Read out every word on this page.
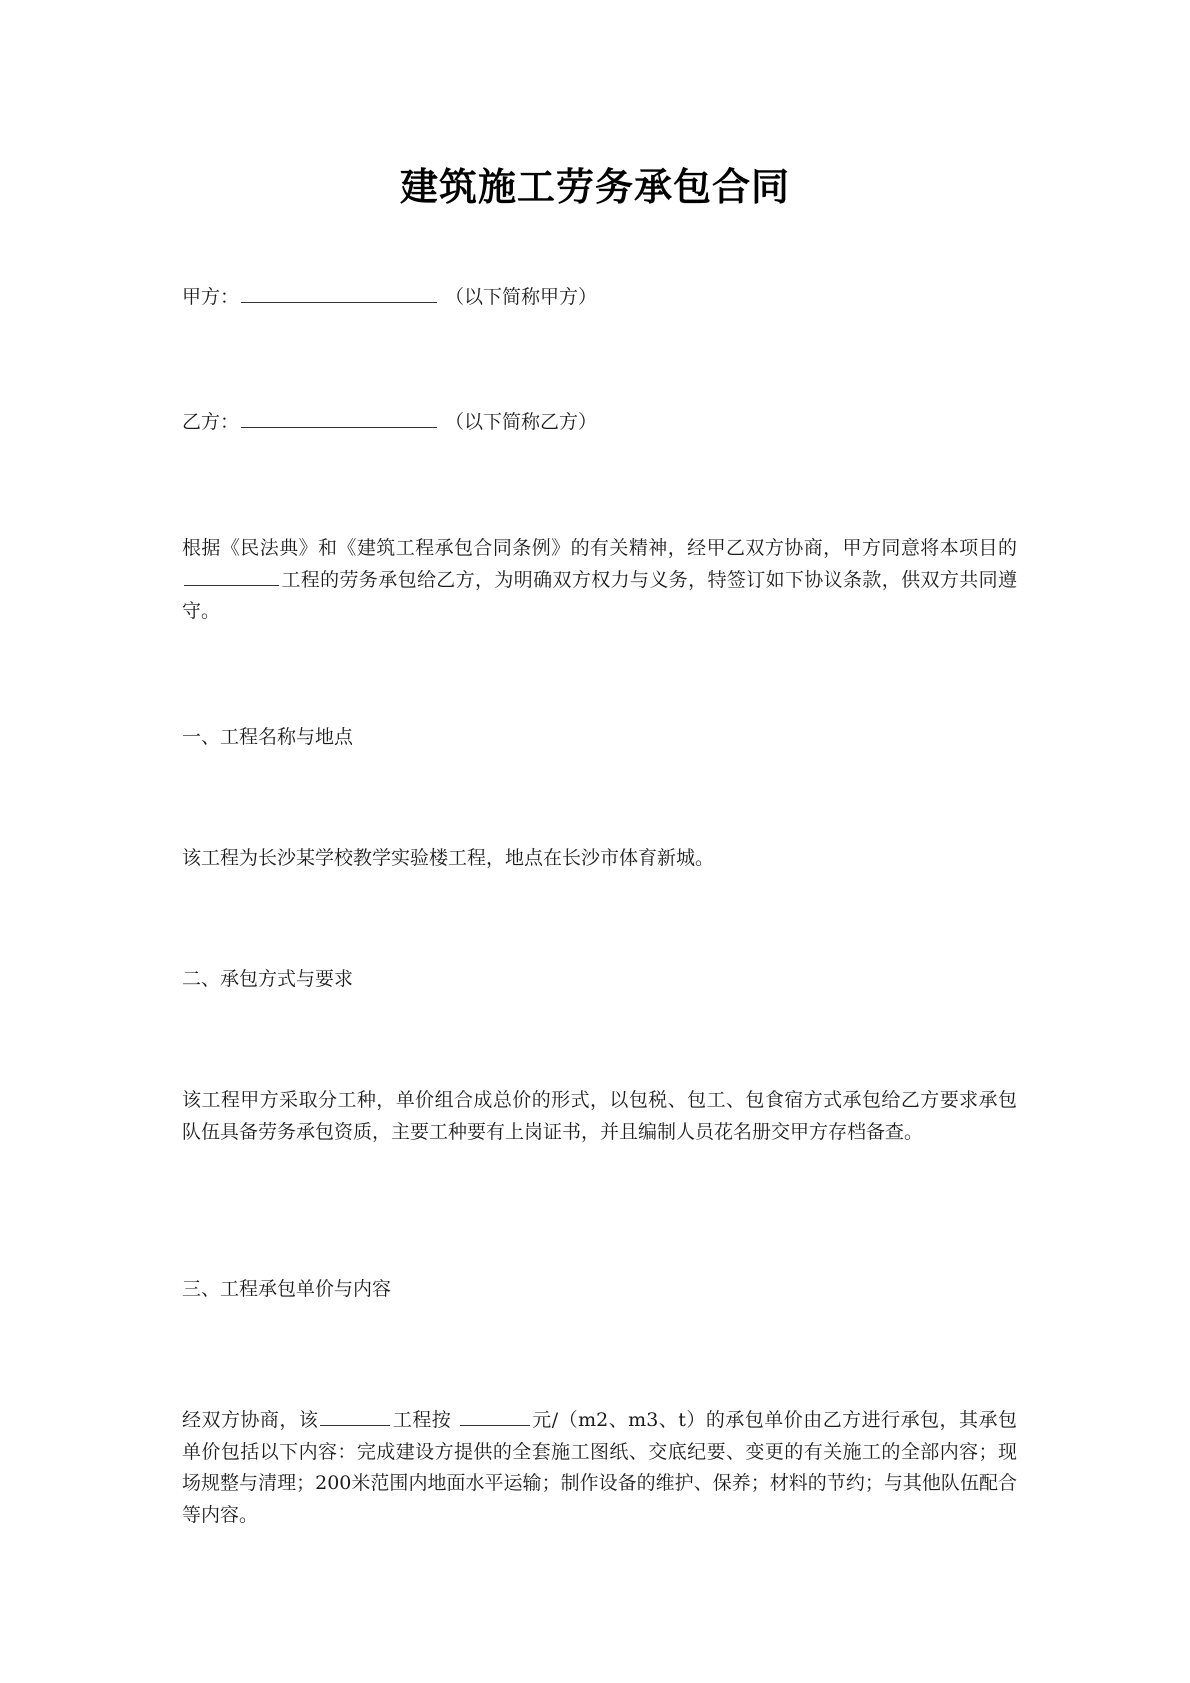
建筑施工劳务承包合同

甲方：	（以下简称甲方）

乙方：	（以下简称乙方）

根据《民法典》和《建筑工程承包合同条例》的有关精神，经甲乙双方协商，甲方同意将本项目的工程的劳务承包给乙方，为明确双方权力与义务，特签订如下协议条款，供双方共同遵守。

一、工程名称与地点

该工程为长沙某学校教学实验楼工程，地点在长沙市体育新城。

二、承包方式与要求

该工程甲方采取分工种，单价组合成总价的形式，以包税、包工、包食宿方式承包给乙方要求承包队伍具备劳务承包资质，主要工种要有上岗证书，并且编制人员花名册交甲方存档备查。

三、工程承包单价与内容

经双方协商，该	工程按	元/（m2、m3、t）的承包单价由乙方进行承包，其承包单价包括以下内容：完成建设方提供的全套施工图纸、交底纪要、变更的有关施工的全部内容；现场规整与清理；200米范围内地面水平运输；制作设备的维护、保养；材料的节约；与其他队伍配合等内容。
